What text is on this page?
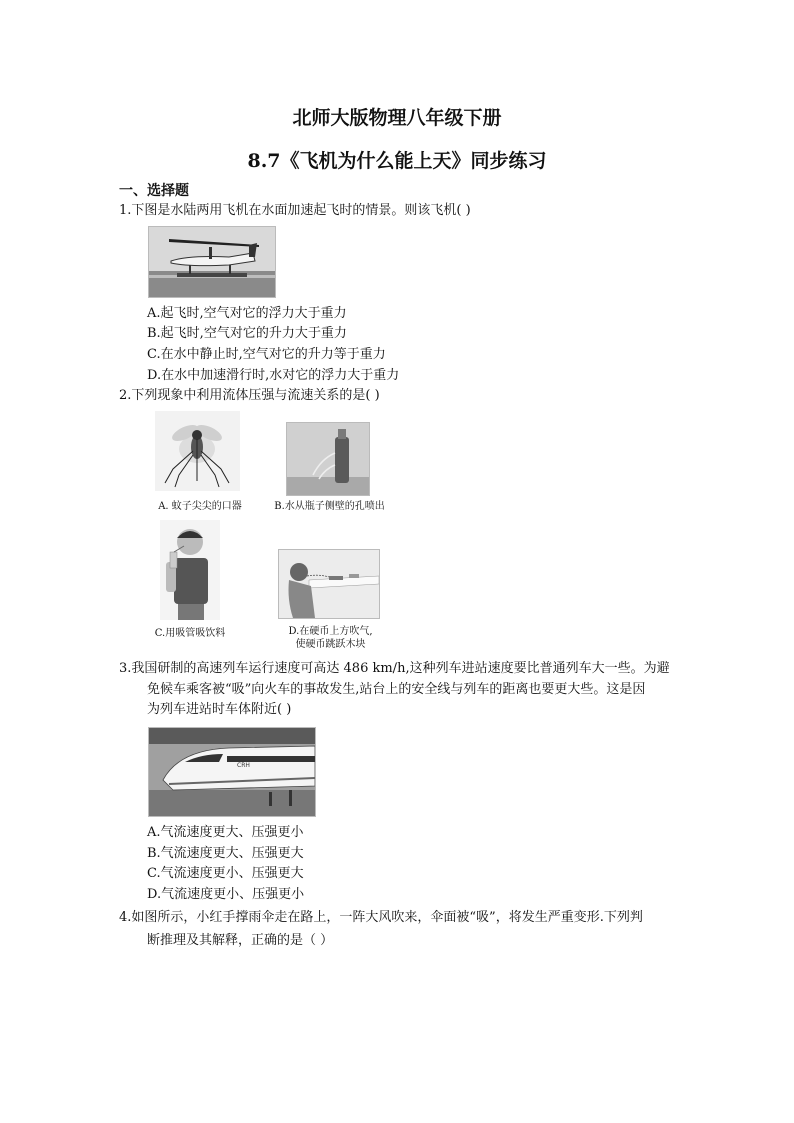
北师大版物理八年级下册
8.7《飞机为什么能上天》同步练习
一、选择题
1.下图是水陆两用飞机在水面加速起飞时的情景。则该飞机( )
A.起飞时,空气对它的浮力大于重力
B.起飞时,空气对它的升力大于重力
C.在水中静止时,空气对它的升力等于重力
D.在水中加速滑行时,水对它的浮力大于重力
2.下列现象中利用流体压强与流速关系的是( )
A. 蚊子尖尖的口器	B.水从瓶子侧壁的孔喷出
C.用吸管吸饮料	D.在硬币上方吹气,
使硬币跳跃木块
3.我国研制的高速列车运行速度可高达 486 km/h,这种列车进站速度要比普通列车大一些。为避
免候车乘客被“吸”向火车的事故发生,站台上的安全线与列车的距离也要更大些。这是因
为列车进站时车体附近( )
CRH
A.气流速度更大、压强更小
B.气流速度更大、压强更大
C.气流速度更小、压强更大
D.气流速度更小、压强更小
4.如图所示，小红手撑雨伞走在路上，一阵大风吹来，伞面被“吸”，将发生严重变形.下列判
断推理及其解释，正确的是（ ）
